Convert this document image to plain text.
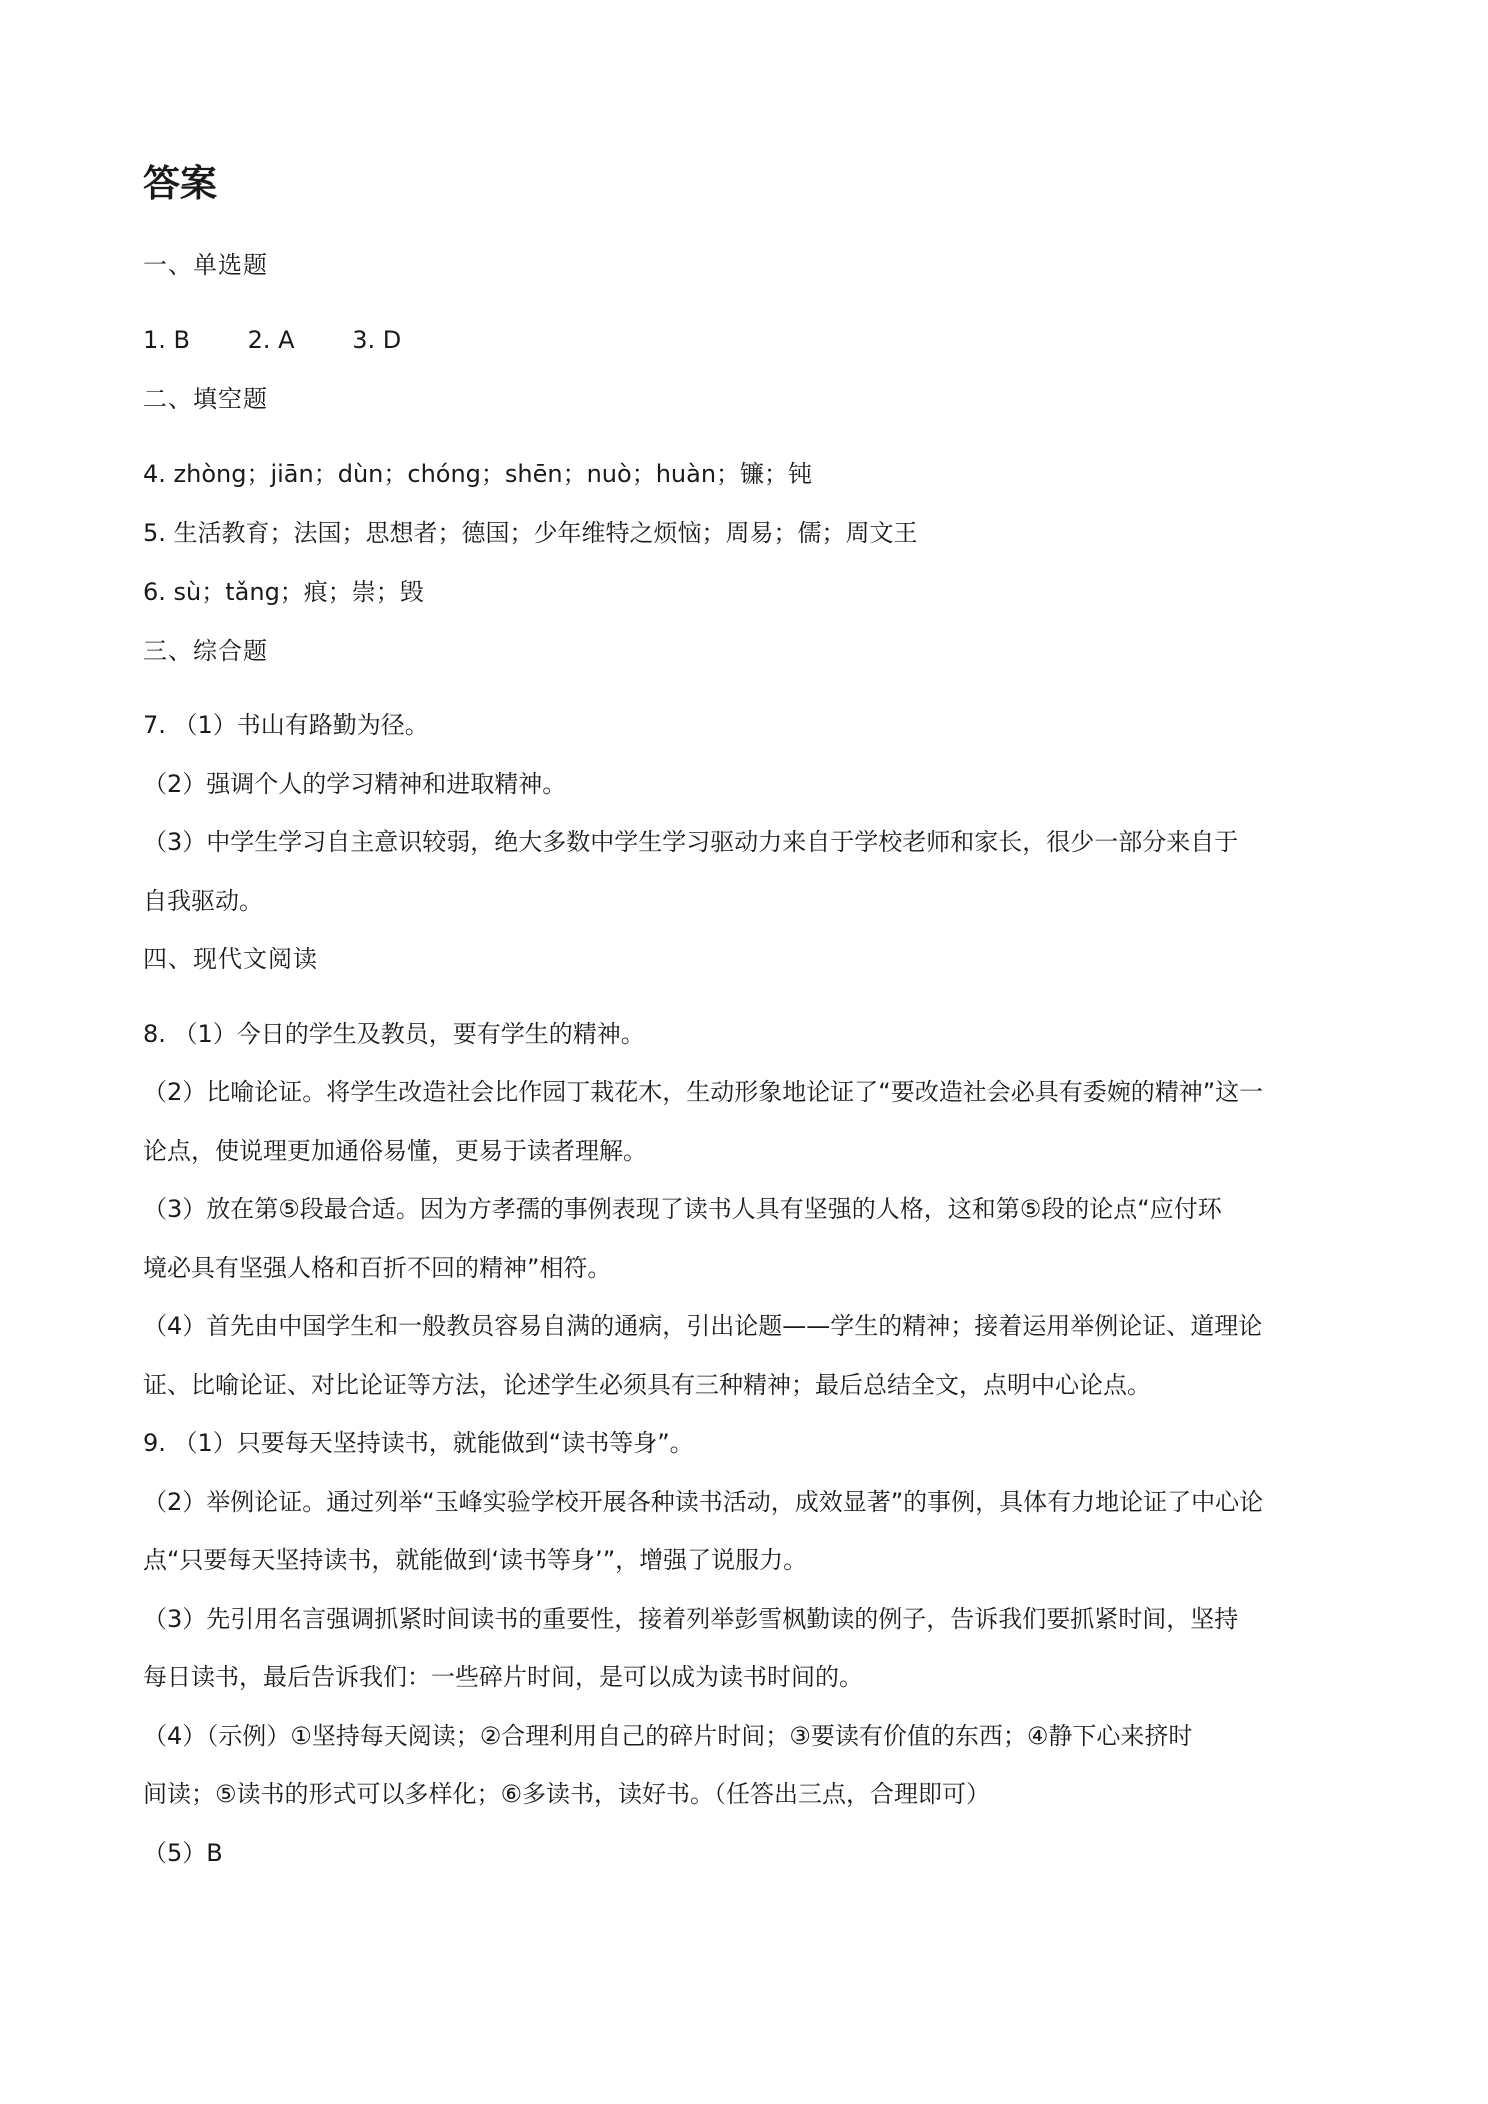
答案
一、单选题
1. B 2. A 3. D
二、填空题
4. zhòng；jiān；dùn；chóng；shēn；nuò；huàn；镰；钝
5. 生活教育；法国；思想者；德国；少年维特之烦恼；周易；儒；周文王
6. sù；tǎng；痕；崇；毁
三、综合题
7. （1）书山有路勤为径。
（2）强调个人的学习精神和进取精神。
（3）中学生学习自主意识较弱，绝大多数中学生学习驱动力来自于学校老师和家长，很少一部分来自于
自我驱动。
四、现代文阅读
8. （1）今日的学生及教员，要有学生的精神。
（2）比喻论证。将学生改造社会比作园丁栽花木，生动形象地论证了“要改造社会必具有委婉的精神”这一
论点，使说理更加通俗易懂，更易于读者理解。
（3）放在第⑤段最合适。因为方孝孺的事例表现了读书人具有坚强的人格，这和第⑤段的论点“应付环
境必具有坚强人格和百折不回的精神”相符。
（4）首先由中国学生和一般教员容易自满的通病，引出论题——学生的精神；接着运用举例论证、道理论
证、比喻论证、对比论证等方法，论述学生必须具有三种精神；最后总结全文，点明中心论点。
9. （1）只要每天坚持读书，就能做到“读书等身”。
（2）举例论证。通过列举“玉峰实验学校开展各种读书活动，成效显著”的事例，具体有力地论证了中心论
点“只要每天坚持读书，就能做到‘读书等身’”，增强了说服力。
（3）先引用名言强调抓紧时间读书的重要性，接着列举彭雪枫勤读的例子，告诉我们要抓紧时间，坚持
每日读书，最后告诉我们：一些碎片时间，是可以成为读书时间的。
（4）（示例）①坚持每天阅读；②合理利用自己的碎片时间；③要读有价值的东西；④静下心来挤时
间读；⑤读书的形式可以多样化；⑥多读书，读好书。（任答出三点，合理即可）
（5）B
